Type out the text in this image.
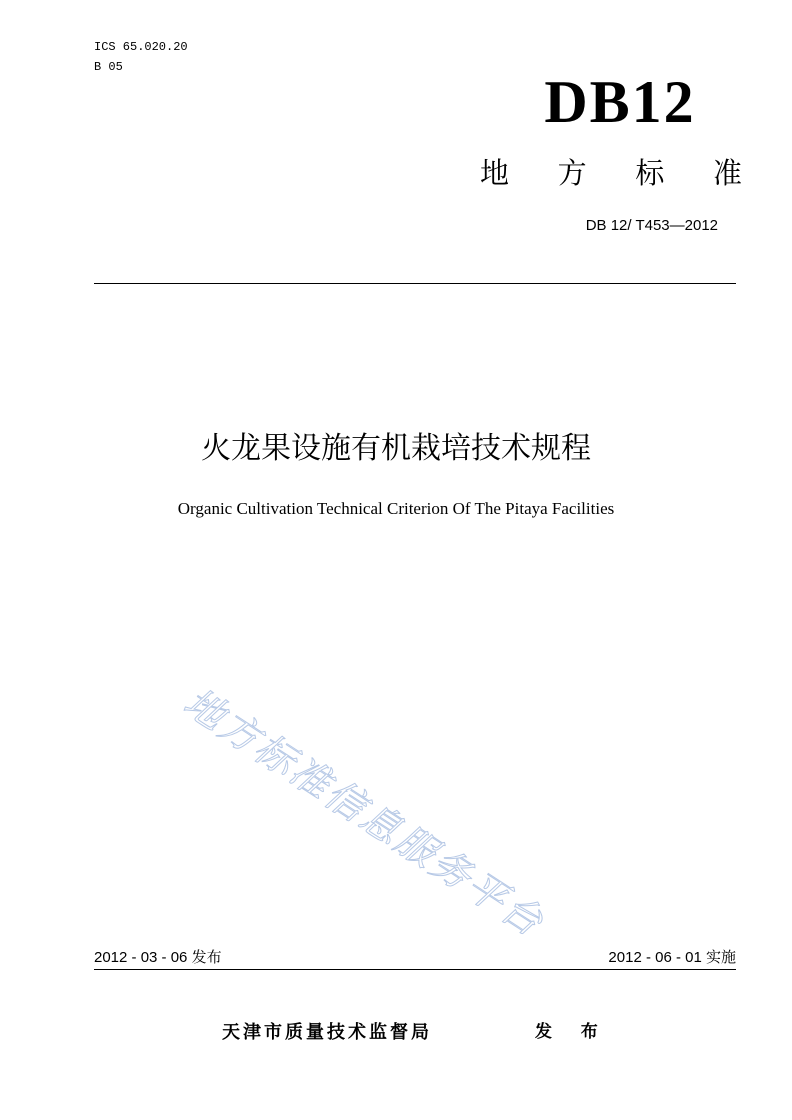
ICS 65.020.20
B 05
DB12
地 方 标 准
DB 12/ T453—2012
火龙果设施有机栽培技术规程
Organic Cultivation Technical Criterion Of The Pitaya Facilities
地方标准信息服务平台
2012 - 03 - 06 发布	2012 - 06 - 01 实施
天津市质量技术监督局	发 布
